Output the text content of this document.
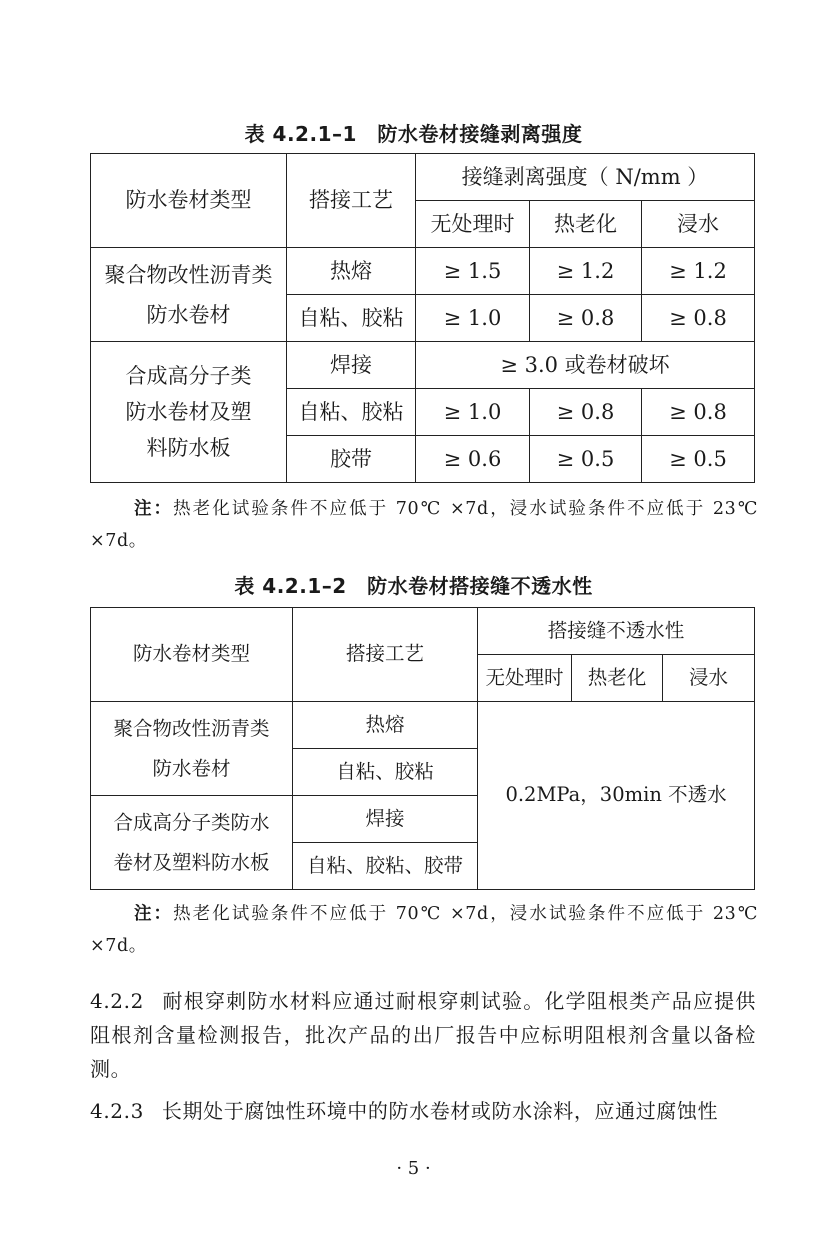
表 4.2.1–1　防水卷材接缝剥离强度
防水卷材类型	搭接工艺	接缝剥离强度（ N/mm ）		
		无处理时	热老化	浸水

聚合物改性沥青类
防水卷材	热熔	≥ 1.5	≥ 1.2	≥ 1.2
	自粘、胶粘	≥ 1.0	≥ 0.8	≥ 0.8

合成高分子类
防水卷材及塑
料防水板	焊接	≥ 3.0 或卷材破坏		
	自粘、胶粘	≥ 1.0	≥ 0.8	≥ 0.8
	胶带	≥ 0.6	≥ 0.5	≥ 0.5
注：热老化试验条件不应低于 70℃ ×7d，浸水试验条件不应低于 23℃ ×7d。
表 4.2.1–2　防水卷材搭接缝不透水性
防水卷材类型	搭接工艺	搭接缝不透水性		
		无处理时	热老化	浸水

聚合物改性沥青类
防水卷材	热熔	0.2MPa，30min 不透水		
	自粘、胶粘			

合成高分子类防水
卷材及塑料防水板	焊接			
	自粘、胶粘、胶带			
注：热老化试验条件不应低于 70℃ ×7d，浸水试验条件不应低于 23℃ ×7d。
4.2.2 耐根穿刺防水材料应通过耐根穿刺试验。化学阻根类产品应提供阻根剂含量检测报告，批次产品的出厂报告中应标明阻根剂含量以备检测。
4.2.3 长期处于腐蚀性环境中的防水卷材或防水涂料，应通过腐蚀性
· 5 ·
